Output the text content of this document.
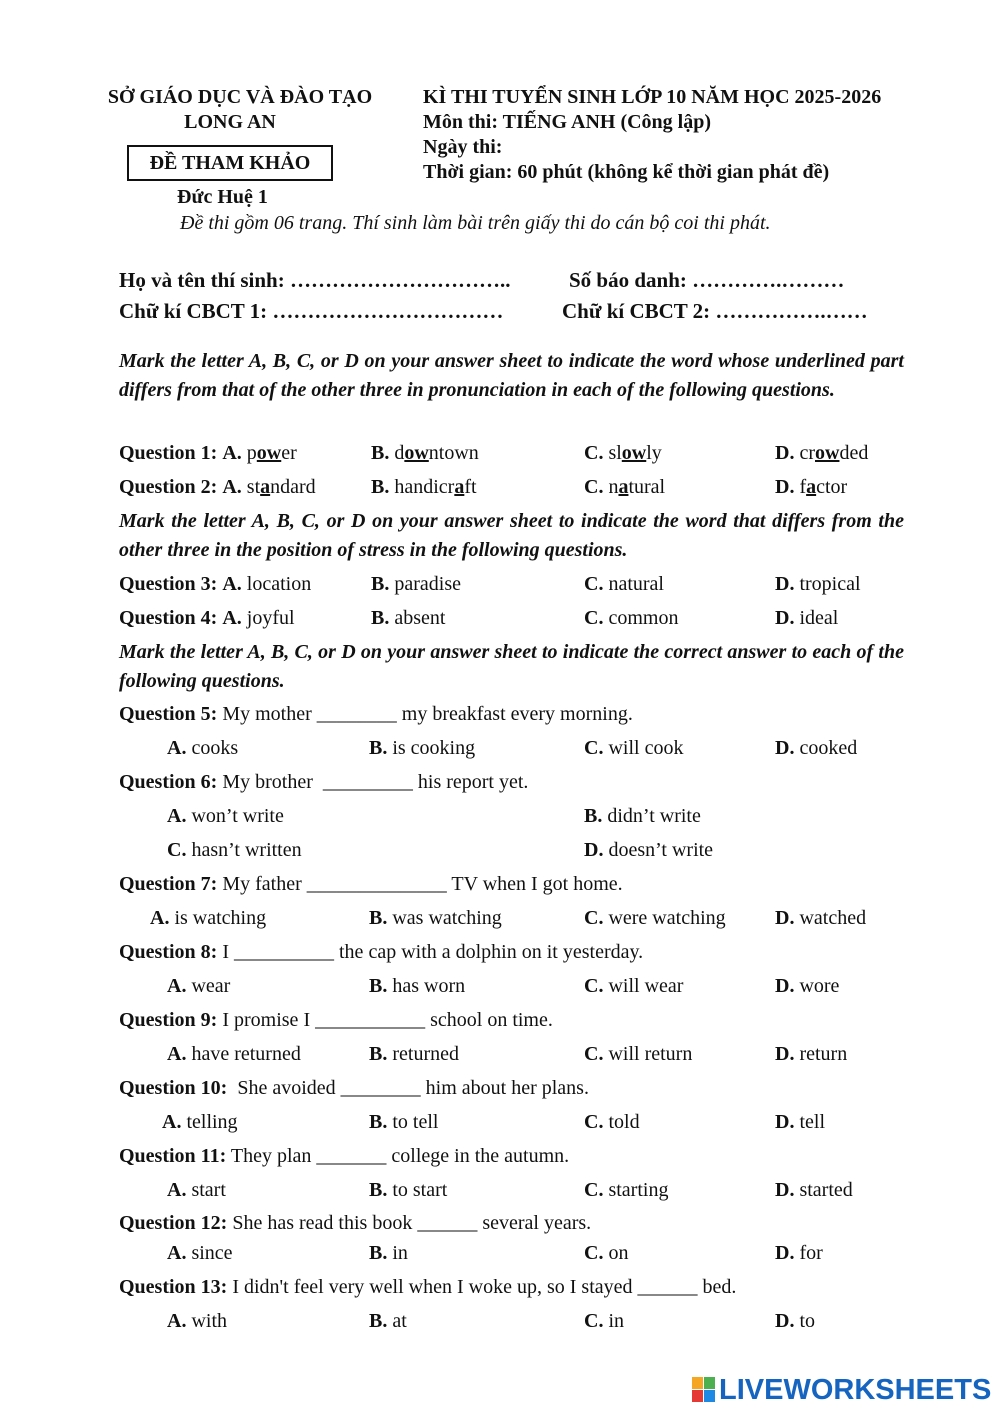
SỞ GIÁO DỤC VÀ ĐÀO TẠO
LONG AN
ĐỀ THAM KHẢO
Đức Huệ 1
KÌ THI TUYỂN SINH LỚP 10 NĂM HỌC 2025-2026
Môn thi: TIẾNG ANH (Công lập)
Ngày thi:
Thời gian: 60 phút (không kể thời gian phát đề)
Đề thi gồm 06 trang. Thí sinh làm bài trên giấy thi do cán bộ coi thi phát.
Họ và tên thí sinh: …………………………..	Số báo danh: ………….………
Chữ kí CBCT 1: ……………………………	Chữ kí CBCT 2: …………….……
Mark the letter A, B, C, or D on your answer sheet to indicate the word whose underlined part differs from that of the other three in pronunciation in each of the following questions.
Question 1: A. power	B. downtown	C. slowly	D. crowded
Question 2: A. standard	B. handicraft	C. natural	D. factor
Mark the letter A, B, C, or D on your answer sheet to indicate the word that differs from the other three in the position of stress in the following questions.
Question 3: A. location	B. paradise	C. natural	D. tropical
Question 4: A. joyful	B. absent	C. common	D. ideal
Mark the letter A, B, C, or D on your answer sheet to indicate the correct answer to each of the following questions.
Question 5: My mother ________ my breakfast every morning.
A. cooks	B. is cooking	C. will cook	D. cooked
Question 6: My brother  _________ his report yet.
A. won’t write	B. didn’t write
C. hasn’t written	D. doesn’t write
Question 7: My father ______________ TV when I got home.
A. is watching	B. was watching	C. were watching D. watched
Question 8: I __________ the cap with a dolphin on it yesterday.
A. wear	B. has worn	C. will wear	D. wore
Question 9: I promise I ___________ school on time.
A. have returned	B. returned	C. will return	D. return
Question 10:  She avoided ________ him about her plans.
A. telling	B. to tell	C. told	D. tell
Question 11: They plan _______ college in the autumn.
A. start	B. to start	C. starting	D. started
Question 12: She has read this book ______ several years.
A. since	B. in	C. on	D. for
Question 13: I didn't feel very well when I woke up, so I stayed ______ bed.
A. with	B. at	C. in	D. to
LIVEWORKSHEETS
